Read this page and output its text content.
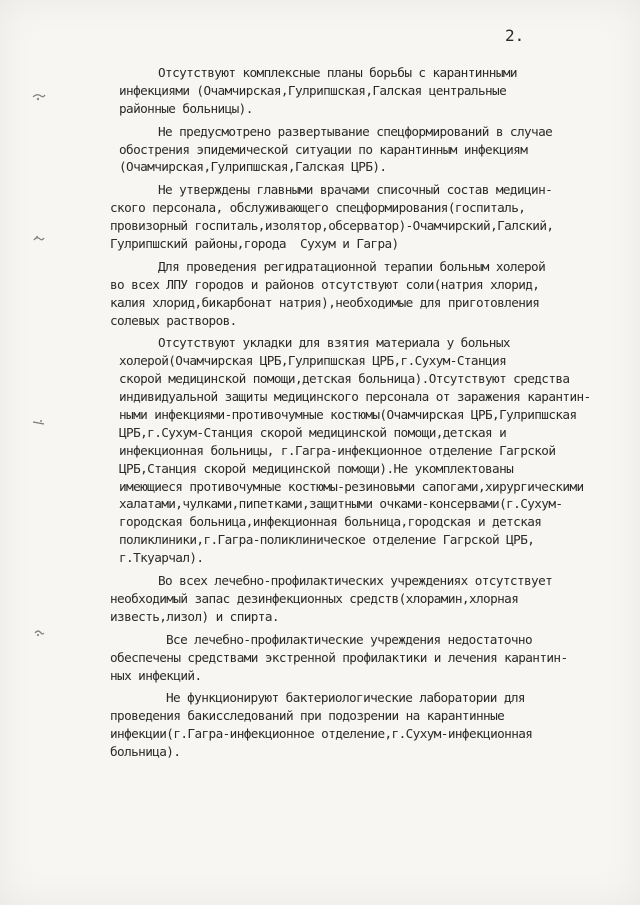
2.
Отсутствуют комплексные планы борьбы с карантинными
инфекциями (Очамчирская,Гулрипшская,Галская центральные
районные больницы).
Не предусмотрено развертывание спецформирований в случае
обострения эпидемической ситуации по карантинным инфекциям
(Очамчирская,Гулрипшская,Галская ЦРБ).
Не утверждены главными врачами списочный состав медицин-
ского персонала, обслуживающего спецформирования(госпиталь,
провизорный госпиталь,изолятор,обсерватор)-Очамчирский,Галский,
Гулрипшский районы,города  Сухум и Гагра)
Для проведения регидратационной терапии больным холерой
во всех ЛПУ городов и районов отсутствуют соли(натрия хлорид,
калия хлорид,бикарбонат натрия),необходимые для приготовления
солевых растворов.
Отсутствуют укладки для взятия материала у больных
холерой(Очамчирская ЦРБ,Гулрипшская ЦРБ,г.Сухум-Станция
скорой медицинской помощи,детская больница).Отсутствуют средства
индивидуальной защиты медицинского персонала от заражения карантин-
ными инфекциями-противочумные костюмы(Очамчирская ЦРБ,Гулрипшская
ЦРБ,г.Сухум-Станция скорой медицинской помощи,детская и
инфекционная больницы, г.Гагра-инфекционное отделение Гагрской
ЦРБ,Станция скорой медицинской помощи).Не укомплектованы
имеющиеся противочумные костюмы-резиновыми сапогами,хирургическими
халатами,чулками,пипетками,защитными очками-консервами(г.Сухум-
городская больница,инфекционная больница,городская и детская
поликлиники,г.Гагра-поликлиническое отделение Гагрской ЦРБ,
г.Ткуарчал).
Во всех лечебно-профилактических учреждениях отсутствует
необходимый запас дезинфекционных средств(хлорамин,хлорная
известь,лизол) и спирта.
Все лечебно-профилактические учреждения недостаточно
обеспечены средствами экстренной профилактики и лечения карантин-
ных инфекций.
Не функционируют бактериологические лаборатории для
проведения бакисследований при подозрении на карантинные
инфекции(г.Гагра-инфекционное отделение,г.Сухум-инфекционная
больница).
